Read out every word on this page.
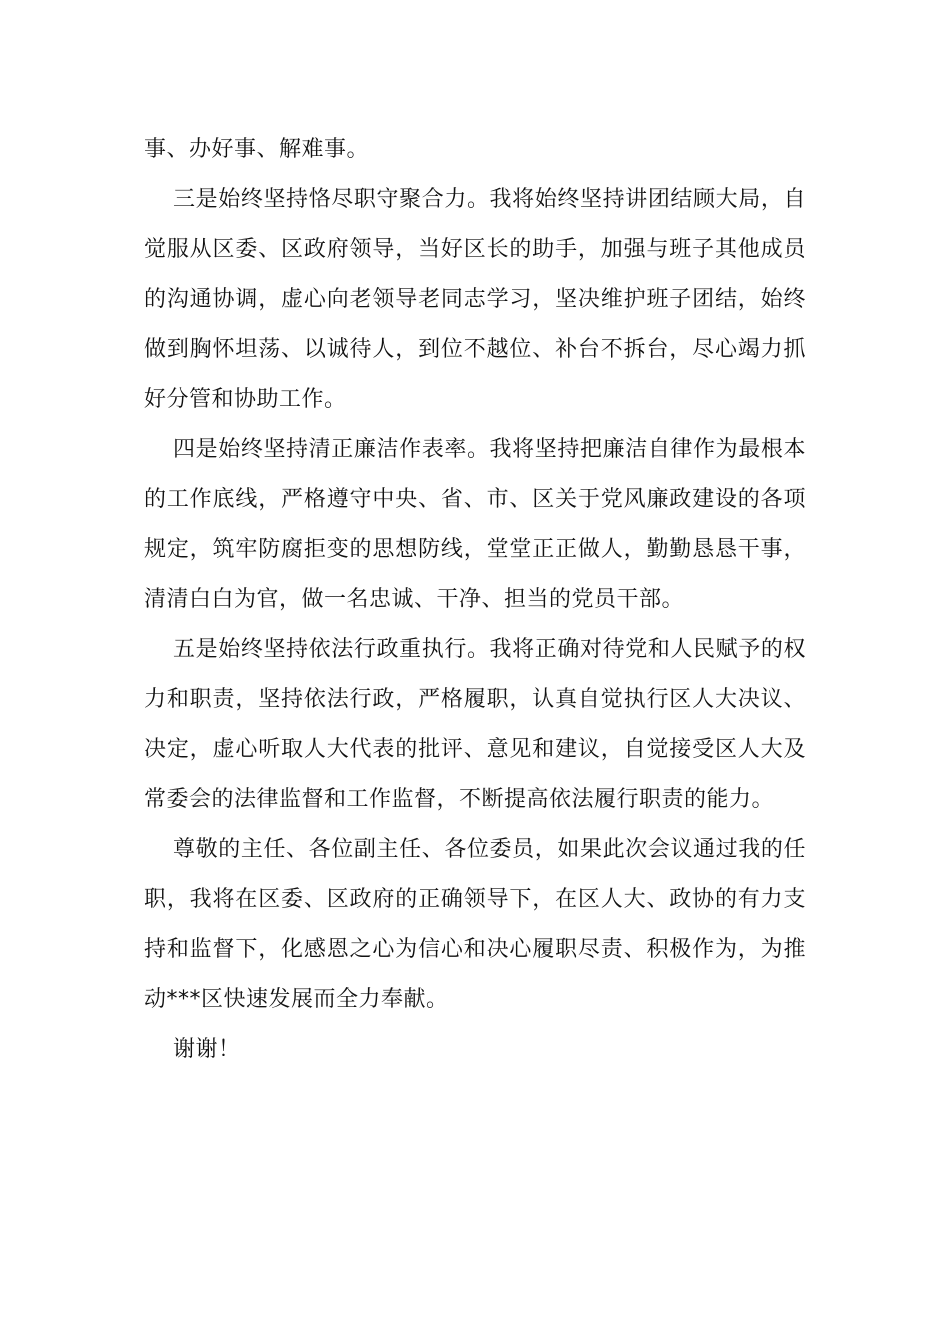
事、办好事、解难事。

三是始终坚持恪尽职守聚合力。我将始终坚持讲团结顾大局，自觉服从区委、区政府领导，当好区长的助手，加强与班子其他成员的沟通协调，虚心向老领导老同志学习，坚决维护班子团结，始终做到胸怀坦荡、以诚待人，到位不越位、补台不拆台，尽心竭力抓好分管和协助工作。

四是始终坚持清正廉洁作表率。我将坚持把廉洁自律作为最根本的工作底线，严格遵守中央、省、市、区关于党风廉政建设的各项规定，筑牢防腐拒变的思想防线，堂堂正正做人，勤勤恳恳干事，清清白白为官，做一名忠诚、干净、担当的党员干部。

五是始终坚持依法行政重执行。我将正确对待党和人民赋予的权力和职责，坚持依法行政，严格履职，认真自觉执行区人大决议、决定，虚心听取人大代表的批评、意见和建议，自觉接受区人大及常委会的法律监督和工作监督，不断提高依法履行职责的能力。

尊敬的主任、各位副主任、各位委员，如果此次会议通过我的任职，我将在区委、区政府的正确领导下，在区人大、政协的有力支持和监督下，化感恩之心为信心和决心履职尽责、积极作为，为推动***区快速发展而全力奉献。

谢谢！
